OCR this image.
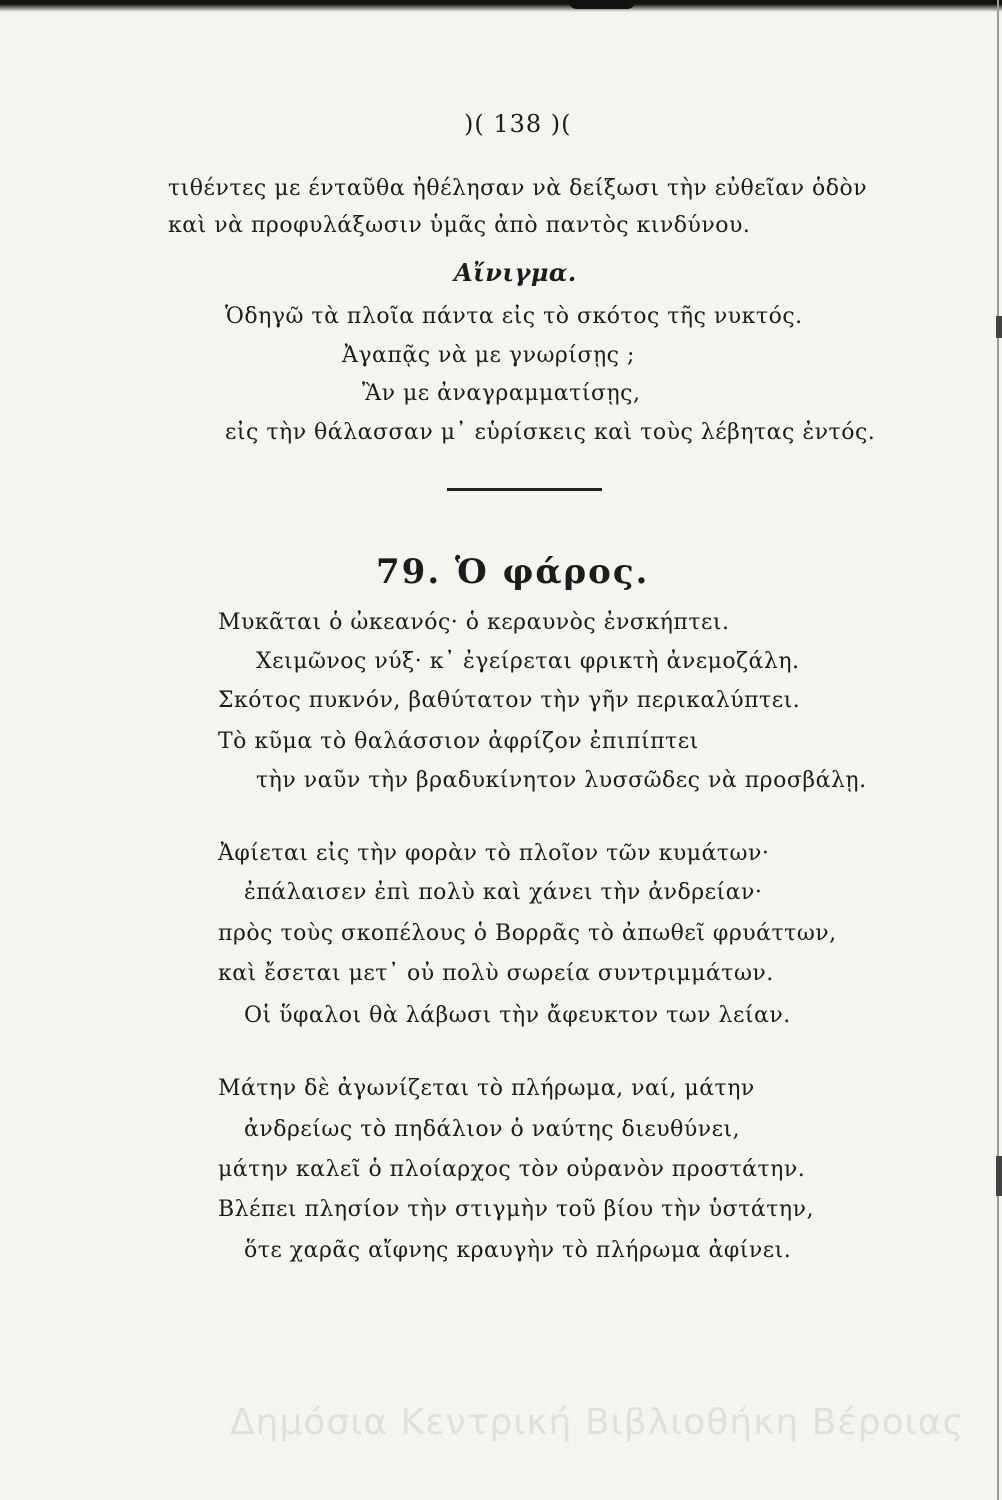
)( 138 )(
τιθέντες με ένταῦθα ἠθέλησαν νὰ δείξωσι τὴν εὐθεῖαν ὁδὸν
καὶ νὰ προφυλάξωσιν ὑμᾶς ἀπὸ παντὸς κινδύνου.
Αἴνιγμα.
Ὁδηγῶ τὰ πλοῖα πάντα εἰς τὸ σκότος τῆς νυκτός.
Ἀγαπᾷς νὰ με γνωρίσῃς ;
Ἂν με ἀναγραμματίσῃς,
εἰς τὴν θάλασσαν μ᾽ εὑρίσκεις καὶ τοὺς λέβητας ἐντός.
79. Ὁ φάρος.
Μυκᾶται ὁ ὠκεανός· ὁ κεραυνὸς ἐνσκήπτει.
Χειμῶνος νύξ· κ᾽ ἐγείρεται φρικτὴ ἀνεμοζάλη.
Σκότος πυκνόν, βαθύτατον τὴν γῆν περικαλύπτει.
Τὸ κῦμα τὸ θαλάσσιον ἀφρίζον ἐπιπίπτει
τὴν ναῦν τὴν βραδυκίνητον λυσσῶδες νὰ προσβάλῃ.
Ἀφίεται εἰς τὴν φορὰν τὸ πλοῖον τῶν κυμάτων·
ἐπάλαισεν ἐπὶ πολὺ καὶ χάνει τὴν ἀνδρείαν·
πρὸς τοὺς σκοπέλους ὁ Βορρᾶς τὸ ἀπωθεῖ φρυάττων,
καὶ ἔσεται μετ᾽ οὐ πολὺ σωρεία συντριμμάτων.
Οἱ ὕφαλοι θὰ λάβωσι τὴν ἄφευκτον των λείαν.
Μάτην δὲ ἀγωνίζεται τὸ πλήρωμα, ναί, μάτην
ἀνδρείως τὸ πηδάλιον ὁ ναύτης διευθύνει,
μάτην καλεῖ ὁ πλοίαρχος τὸν οὐρανὸν προστάτην.
Βλέπει πλησίον τὴν στιγμὴν τοῦ βίου τὴν ὑστάτην,
ὅτε χαρᾶς αἴφνης κραυγὴν τὸ πλήρωμα ἀφίνει.
Δημόσια Κεντρική Βιβλιοθήκη Βέροιας
